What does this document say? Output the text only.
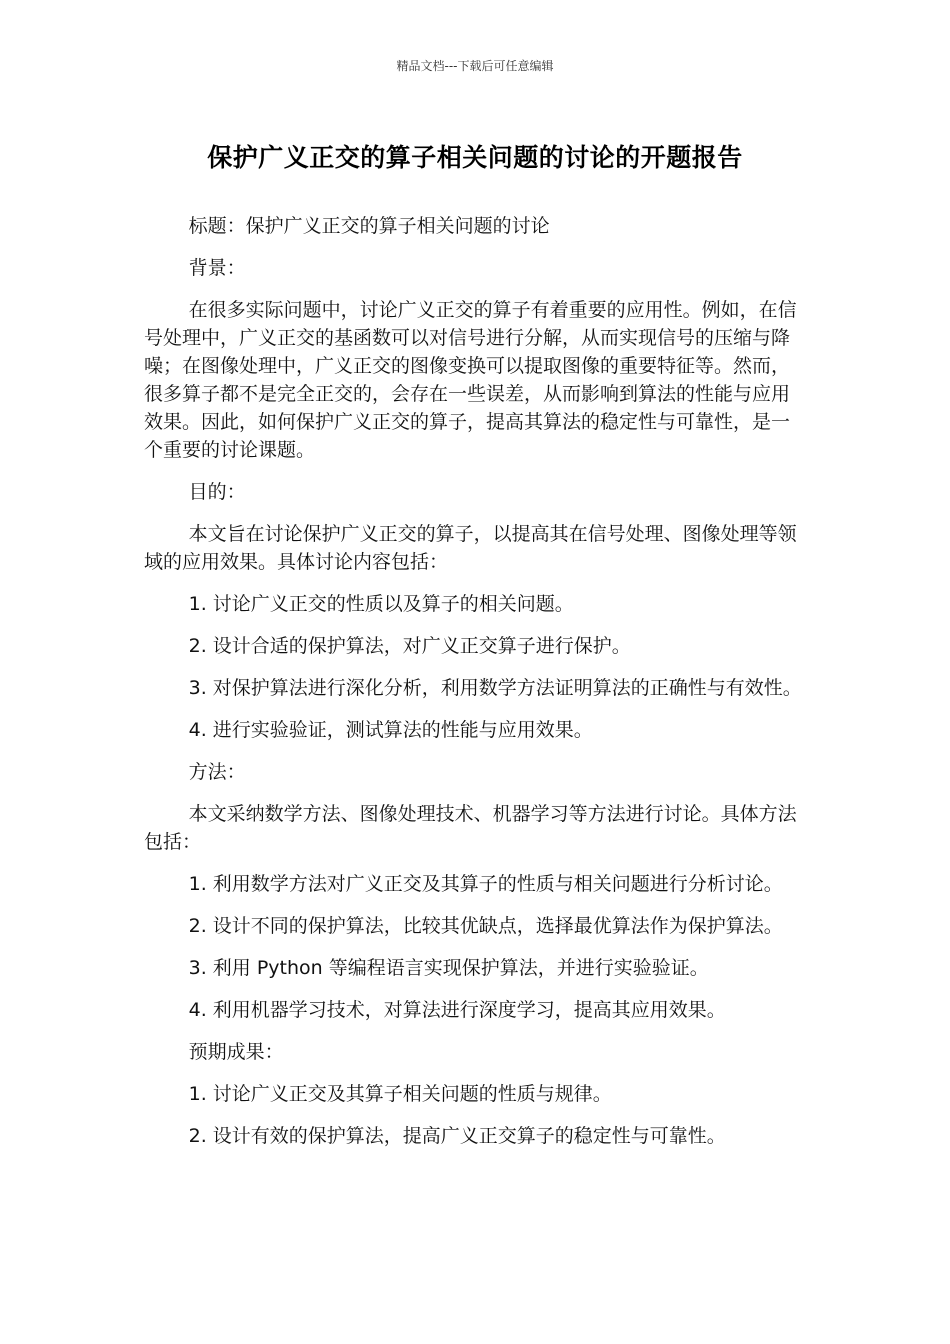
精品文档---下载后可任意编辑
保护广义正交的算子相关问题的讨论的开题报告

标题：保护广义正交的算子相关问题的讨论

背景：

在很多实际问题中，讨论广义正交的算子有着重要的应用性。例如，在信号处理中，广义正交的基函数可以对信号进行分解，从而实现信号的压缩与降噪；在图像处理中，广义正交的图像变换可以提取图像的重要特征等。然而，很多算子都不是完全正交的，会存在一些误差，从而影响到算法的性能与应用效果。因此，如何保护广义正交的算子，提高其算法的稳定性与可靠性，是一个重要的讨论课题。

目的：

本文旨在讨论保护广义正交的算子，以提高其在信号处理、图像处理等领域的应用效果。具体讨论内容包括：

1. 讨论广义正交的性质以及算子的相关问题。

2. 设计合适的保护算法，对广义正交算子进行保护。

3. 对保护算法进行深化分析，利用数学方法证明算法的正确性与有效性。

4. 进行实验验证，测试算法的性能与应用效果。

方法：

本文采纳数学方法、图像处理技术、机器学习等方法进行讨论。具体方法包括：

1. 利用数学方法对广义正交及其算子的性质与相关问题进行分析讨论。

2. 设计不同的保护算法，比较其优缺点，选择最优算法作为保护算法。

3. 利用 Python 等编程语言实现保护算法，并进行实验验证。

4. 利用机器学习技术，对算法进行深度学习，提高其应用效果。

预期成果：

1. 讨论广义正交及其算子相关问题的性质与规律。

2. 设计有效的保护算法，提高广义正交算子的稳定性与可靠性。
